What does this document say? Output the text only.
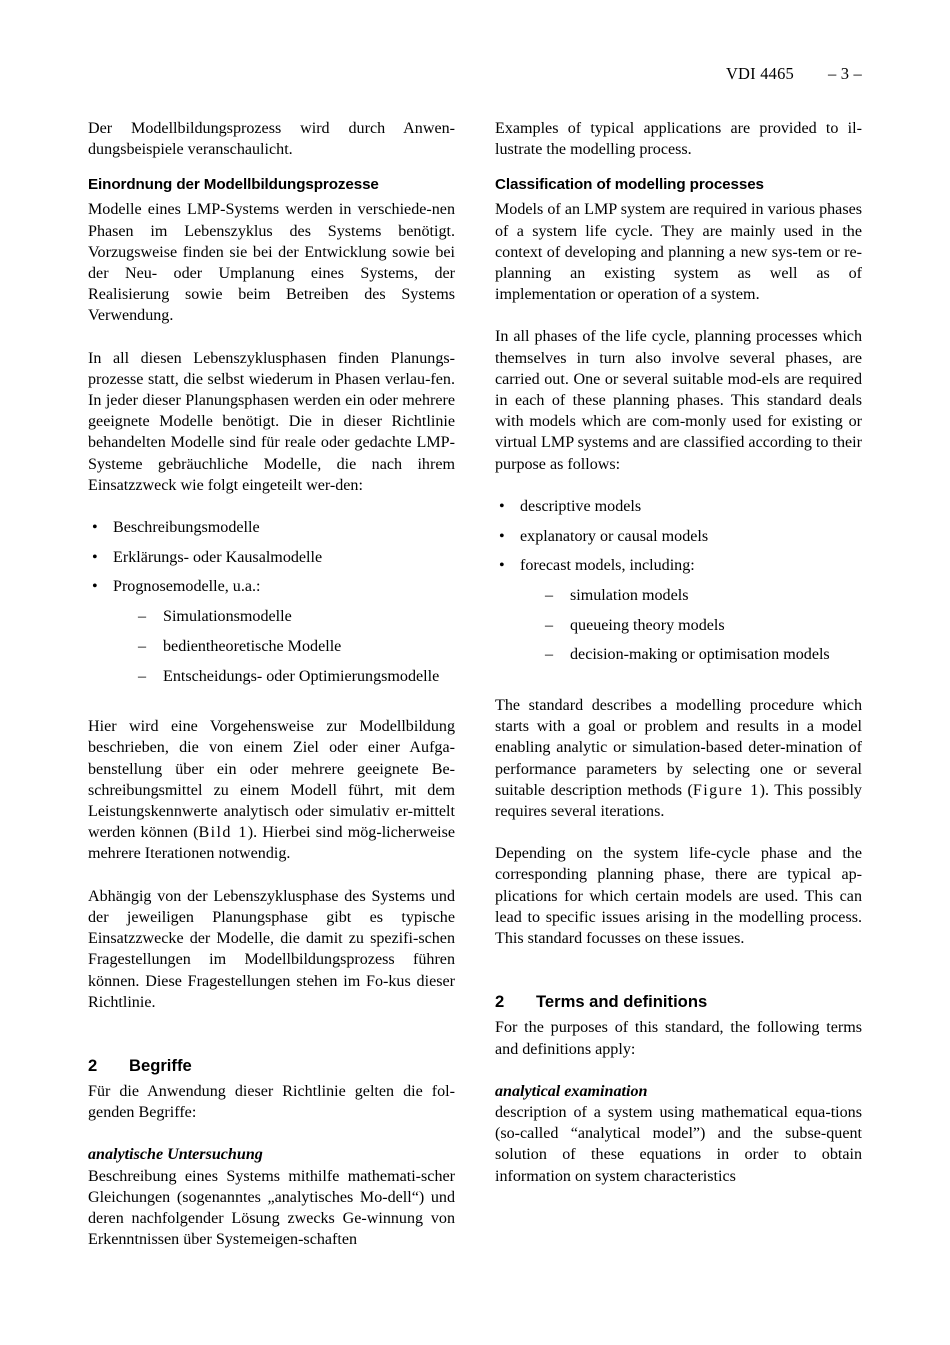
VDI 4465 – 3 –

Der Modellbildungsprozess wird durch Anwen-dungsbeispiele veranschaulicht.

Einordnung der Modellbildungsprozesse

Modelle eines LMP-Systems werden in verschiede-nen Phasen im Lebenszyklus des Systems benötigt. Vorzugsweise finden sie bei der Entwicklung sowie bei der Neu- oder Umplanung eines Systems, der Realisierung sowie beim Betreiben des Systems Verwendung.

In all diesen Lebenszyklusphasen finden Planungs-prozesse statt, die selbst wiederum in Phasen verlau-fen. In jeder dieser Planungsphasen werden ein oder mehrere geeignete Modelle benötigt. Die in dieser Richtlinie behandelten Modelle sind für reale oder gedachte LMP-Systeme gebräuchliche Modelle, die nach ihrem Einsatzzweck wie folgt eingeteilt wer-den:

• Beschreibungsmodelle
• Erklärungs- oder Kausalmodelle
• Prognosemodelle, u.a.:
– Simulationsmodelle
– bedientheoretische Modelle
– Entscheidungs- oder Optimierungsmodelle

Hier wird eine Vorgehensweise zur Modellbildung beschrieben, die von einem Ziel oder einer Aufga-benstellung über ein oder mehrere geeignete Be-schreibungsmittel zu einem Modell führt, mit dem Leistungskennwerte analytisch oder simulativ er-mittelt werden können (Bild 1). Hierbei sind mög-licherweise mehrere Iterationen notwendig.

Abhängig von der Lebenszyklusphase des Systems und der jeweiligen Planungsphase gibt es typische Einsatzzwecke der Modelle, die damit zu spezifi-schen Fragestellungen im Modellbildungsprozess führen können. Diese Fragestellungen stehen im Fo-kus dieser Richtlinie.

2	Begriffe

Für die Anwendung dieser Richtlinie gelten die fol-genden Begriffe:

analytische Untersuchung

Beschreibung eines Systems mithilfe mathemati-scher Gleichungen (sogenanntes „analytisches Mo-dell“) und deren nachfolgender Lösung zwecks Ge-winnung von Erkenntnissen über Systemeigen-schaften

Examples of typical applications are provided to il-lustrate the modelling process.

Classification of modelling processes

Models of an LMP system are required in various phases of a system life cycle. They are mainly used in the context of developing and planning a new sys-tem or re-planning an existing system as well as of implementation or operation of a system.

In all phases of the life cycle, planning processes which themselves in turn also involve several phases, are carried out. One or several suitable mod-els are required in each of these planning phases. This standard deals with models which are com-monly used for existing or virtual LMP systems and are classified according to their purpose as follows:

• descriptive models
• explanatory or causal models
• forecast models, including:
– simulation models
– queueing theory models
– decision-making or optimisation models

The standard describes a modelling procedure which starts with a goal or problem and results in a model enabling analytic or simulation-based deter-mination of performance parameters by selecting one or several suitable description methods (Figure 1). This possibly requires several iterations.

Depending on the system life-cycle phase and the corresponding planning phase, there are typical ap-plications for which certain models are used. This can lead to specific issues arising in the modelling process. This standard focusses on these issues.

2	Terms and definitions

For the purposes of this standard, the following terms and definitions apply:

analytical examination

description of a system using mathematical equa-tions (so-called “analytical model”) and the subse-quent solution of these equations in order to obtain information on system characteristics
